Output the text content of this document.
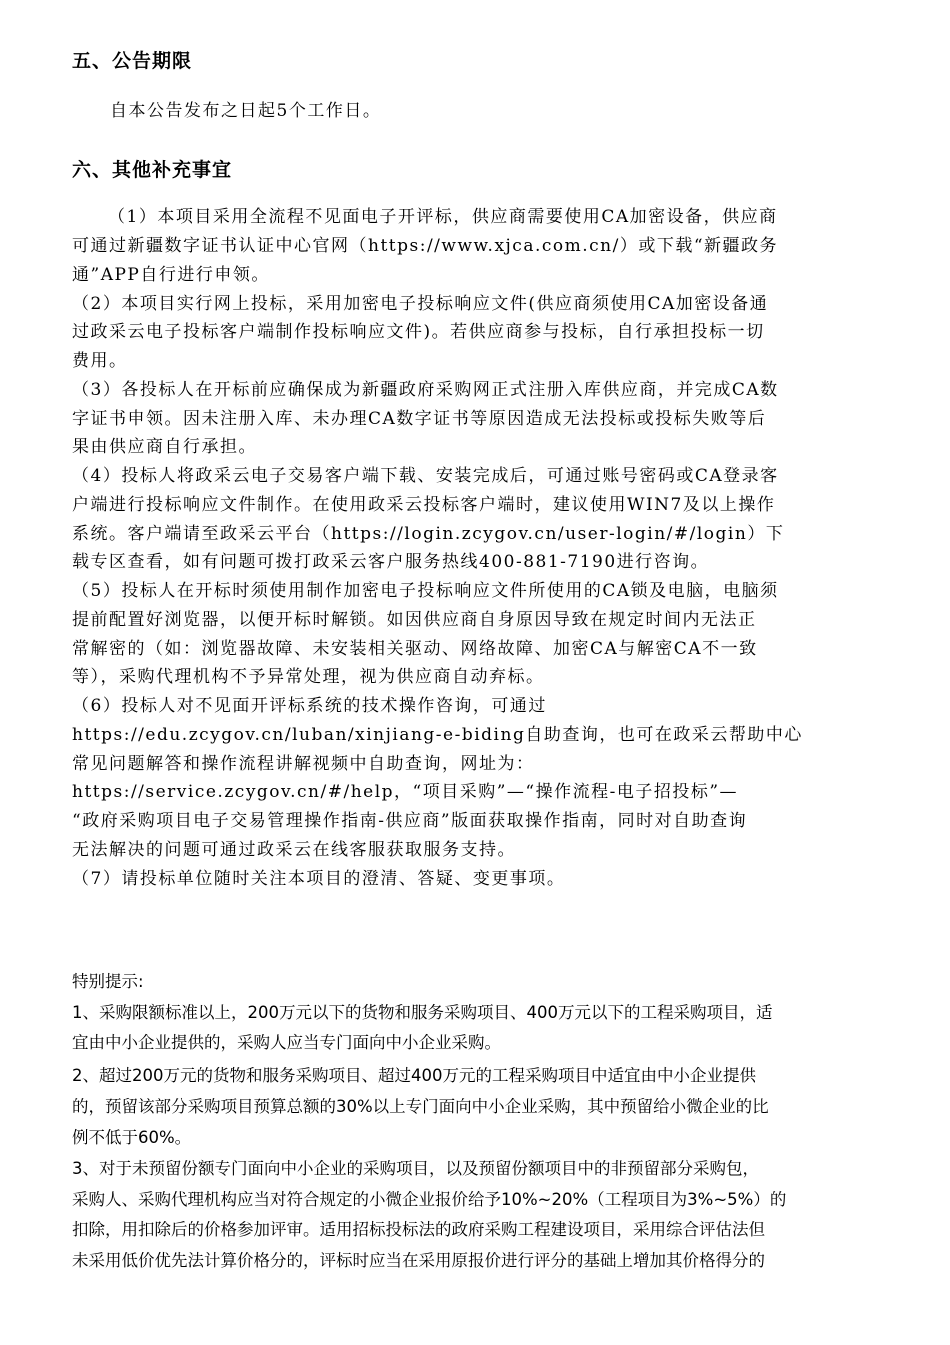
五、公告期限
自本公告发布之日起5个工作日。
六、其他补充事宜
（1）本项目采用全流程不见面电子开评标，供应商需要使用CA加密设备，供应商
可通过新疆数字证书认证中心官网（https://www.xjca.com.cn/）或下载“新疆政务
通”APP自行进行申领。
（2）本项目实行网上投标，采用加密电子投标响应文件(供应商须使用CA加密设备通
过政采云电子投标客户端制作投标响应文件)。若供应商参与投标，自行承担投标一切
费用。
（3）各投标人在开标前应确保成为新疆政府采购网正式注册入库供应商，并完成CA数
字证书申领。因未注册入库、未办理CA数字证书等原因造成无法投标或投标失败等后
果由供应商自行承担。
（4）投标人将政采云电子交易客户端下载、安装完成后，可通过账号密码或CA登录客
户端进行投标响应文件制作。在使用政采云投标客户端时，建议使用WIN7及以上操作
系统。客户端请至政采云平台（https://login.zcygov.cn/user-login/#/login）下
载专区查看，如有问题可拨打政采云客户服务热线400-881-7190进行咨询。
（5）投标人在开标时须使用制作加密电子投标响应文件所使用的CA锁及电脑，电脑须
提前配置好浏览器，以便开标时解锁。如因供应商自身原因导致在规定时间内无法正
常解密的（如：浏览器故障、未安装相关驱动、网络故障、加密CA与解密CA不一致
等），采购代理机构不予异常处理，视为供应商自动弃标。
（6）投标人对不见面开评标系统的技术操作咨询，可通过
https://edu.zcygov.cn/luban/xinjiang-e-biding自助查询，也可在政采云帮助中心
常见问题解答和操作流程讲解视频中自助查询，网址为：
https://service.zcygov.cn/#/help，“项目采购”—“操作流程-电子招投标”—
“政府采购项目电子交易管理操作指南-供应商”版面获取操作指南，同时对自助查询
无法解决的问题可通过政采云在线客服获取服务支持。
（7）请投标单位随时关注本项目的澄清、答疑、变更事项。
特别提示:
1、采购限额标准以上，200万元以下的货物和服务采购项目、400万元以下的工程采购项目，适
宜由中小企业提供的，采购人应当专门面向中小企业采购。
2、超过200万元的货物和服务采购项目、超过400万元的工程采购项目中适宜由中小企业提供
的，预留该部分采购项目预算总额的30%以上专门面向中小企业采购，其中预留给小微企业的比
例不低于60%。
3、对于未预留份额专门面向中小企业的采购项目，以及预留份额项目中的非预留部分采购包，
采购人、采购代理机构应当对符合规定的小微企业报价给予10%~20%（工程项目为3%~5%）的
扣除，用扣除后的价格参加评审。适用招标投标法的政府采购工程建设项目，采用综合评估法但
未采用低价优先法计算价格分的，评标时应当在采用原报价进行评分的基础上增加其价格得分的
